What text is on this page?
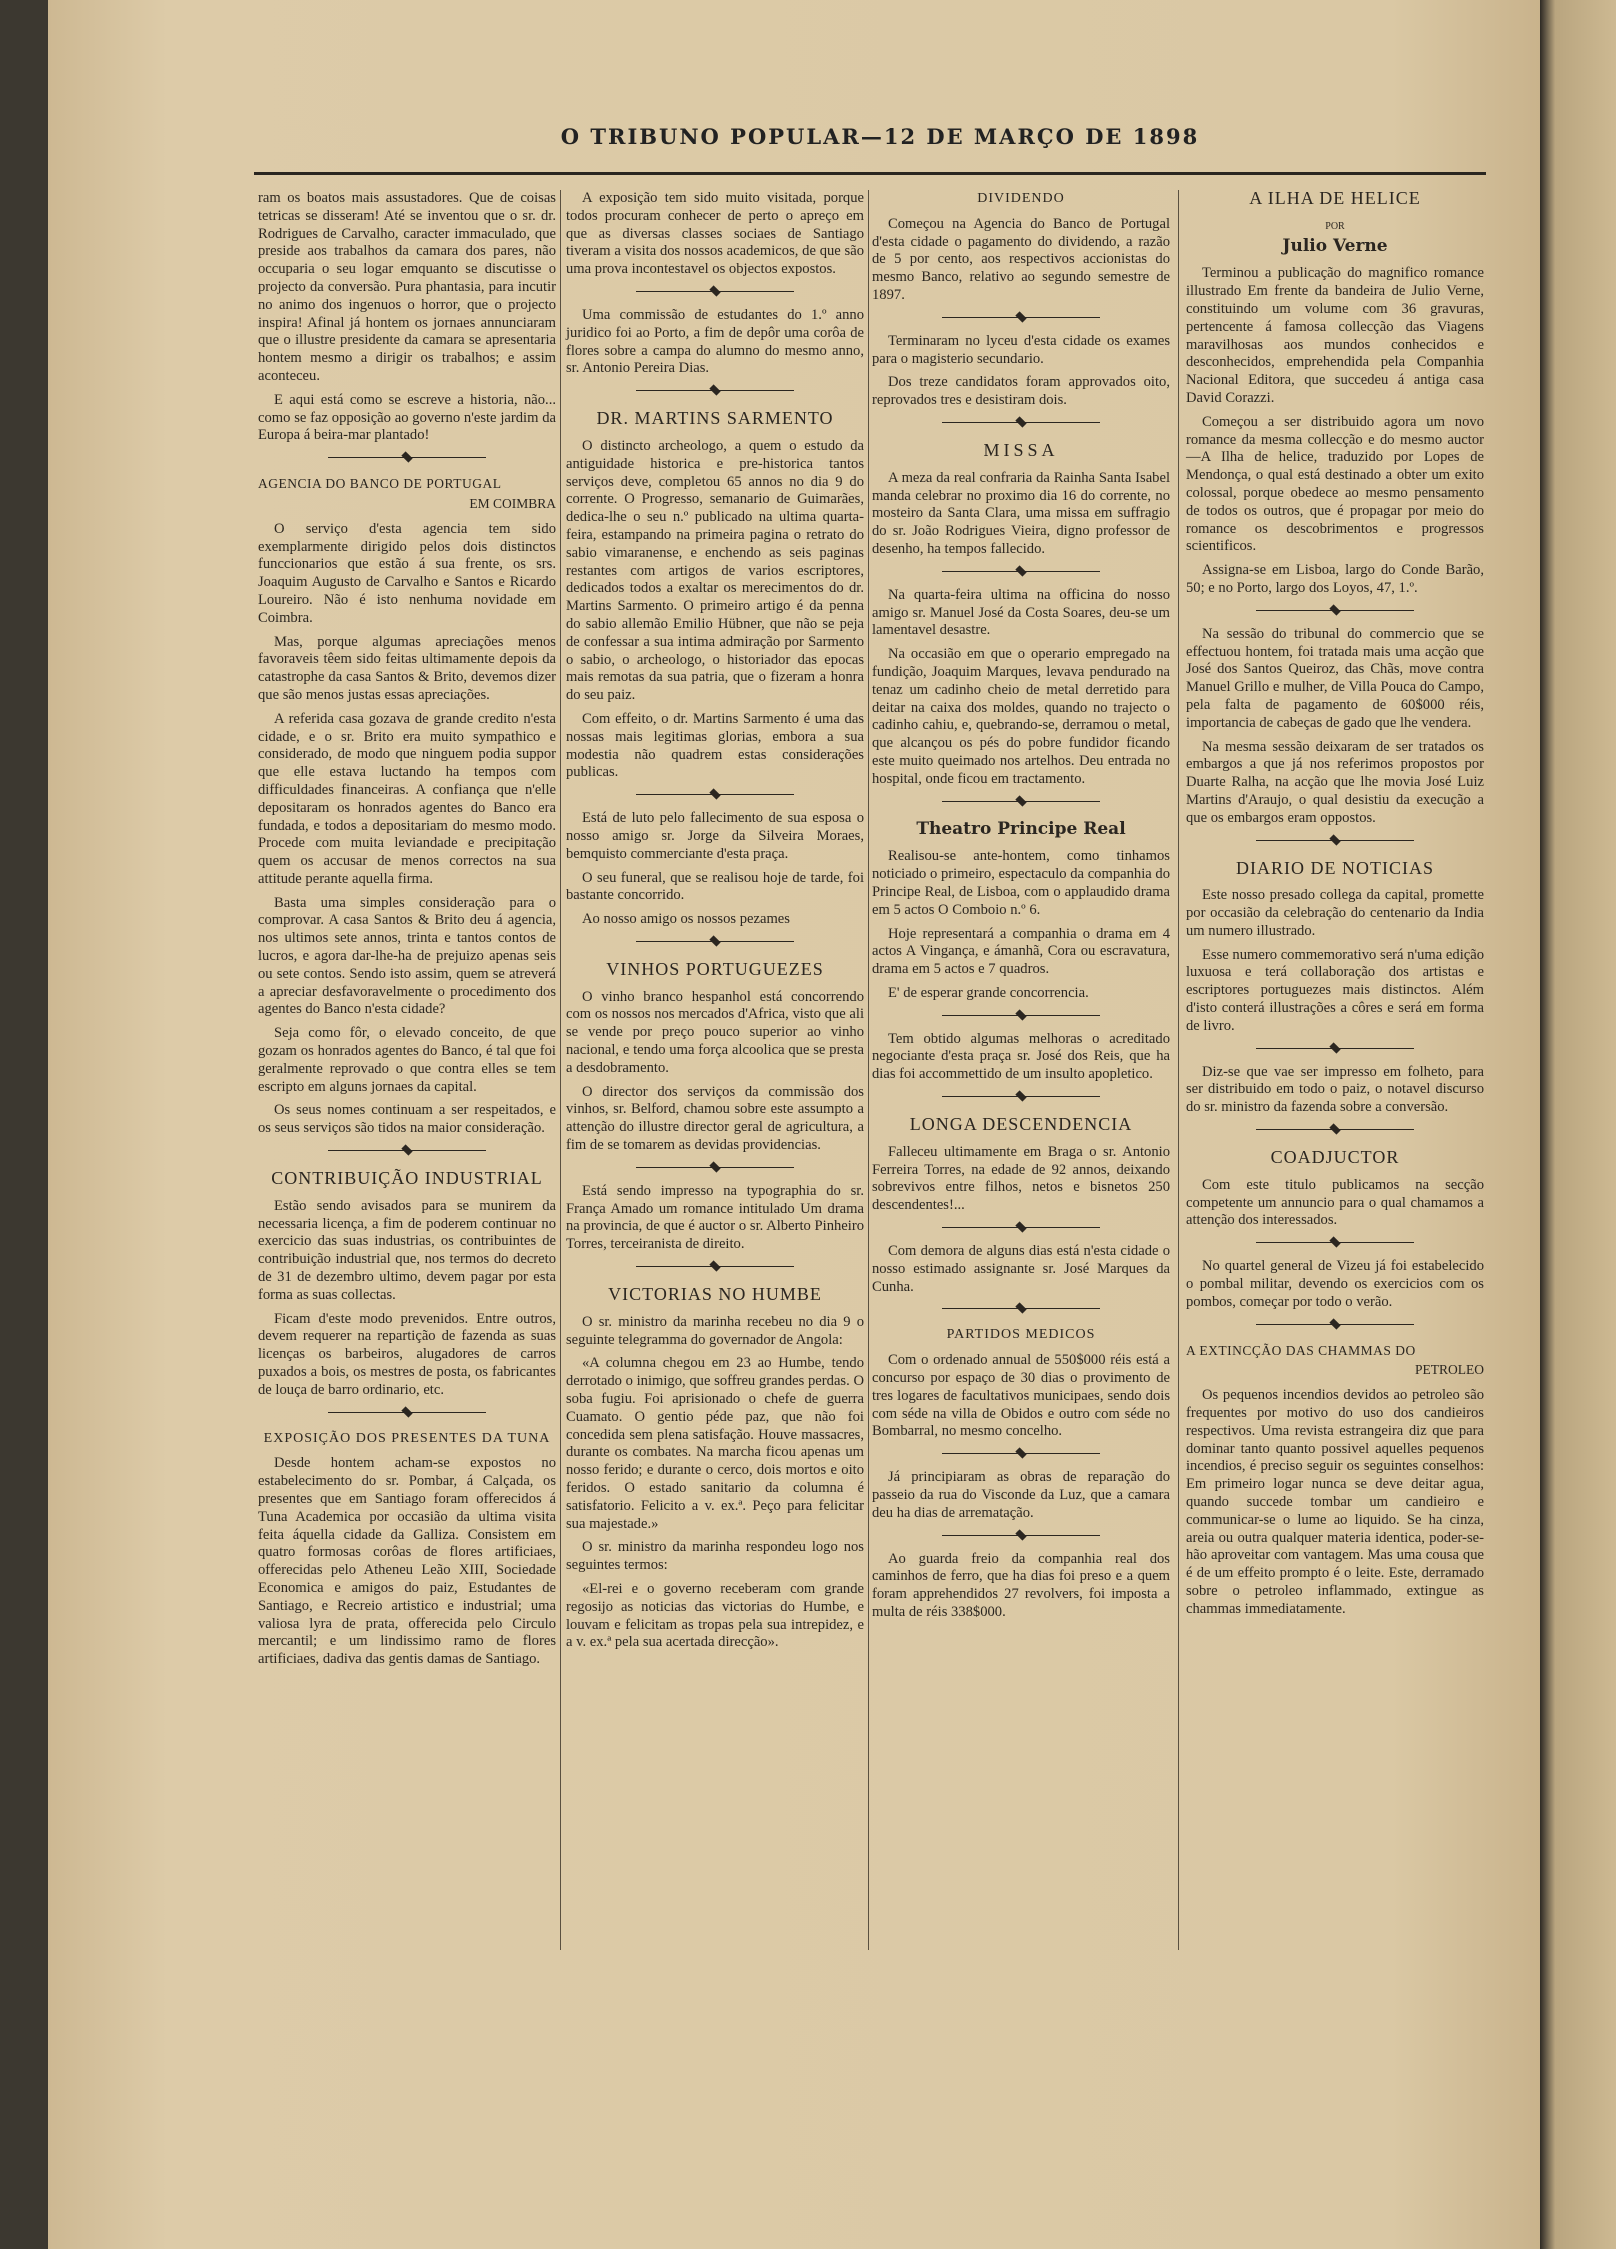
O TRIBUNO POPULAR—12 DE MARÇO DE 1898

ram os boatos mais assustadores. Que de coisas tetricas se disseram! Até se inventou que o sr. dr. Rodrigues de Carvalho, caracter immaculado, que preside aos trabalhos da camara dos pares, não occuparia o seu logar emquanto se discutisse o projecto da conversão. Pura phantasia, para incutir no animo dos ingenuos o horror, que o projecto inspira! Afinal já hontem os jornaes annunciaram que o illustre presidente da camara se apresentaria hontem mesmo a dirigir os trabalhos; e assim aconteceu.

E aqui está como se escreve a historia, não... como se faz opposição ao governo n'este jardim da Europa á beira-mar plantado!

AGENCIA DO BANCO DE PORTUGAL
EM COIMBRA

O serviço d'esta agencia tem sido exemplarmente dirigido pelos dois distinctos funccionarios que estão á sua frente, os srs. Joaquim Augusto de Carvalho e Santos e Ricardo Loureiro. Não é isto nenhuma novidade em Coimbra.

Mas, porque algumas apreciações menos favoraveis têem sido feitas ultimamente depois da catastrophe da casa Santos & Brito, devemos dizer que são menos justas essas apreciações.

A referida casa gozava de grande credito n'esta cidade, e o sr. Brito era muito sympathico e considerado, de modo que ninguem podia suppor que elle estava luctando ha tempos com difficuldades financeiras. A confiança que n'elle depositaram os honrados agentes do Banco era fundada, e todos a depositariam do mesmo modo. Procede com muita leviandade e precipitação quem os accusar de menos correctos na sua attitude perante aquella firma.

Basta uma simples consideração para o comprovar. A casa Santos & Brito deu á agencia, nos ultimos sete annos, trinta e tantos contos de lucros, e agora dar-lhe-ha de prejuizo apenas seis ou sete contos. Sendo isto assim, quem se atreverá a apreciar desfavoravelmente o procedimento dos agentes do Banco n'esta cidade?

Seja como fôr, o elevado conceito, de que gozam os honrados agentes do Banco, é tal que foi geralmente reprovado o que contra elles se tem escripto em alguns jornaes da capital.

Os seus nomes continuam a ser respeitados, e os seus serviços são tidos na maior consideração.

CONTRIBUIÇÃO INDUSTRIAL

Estão sendo avisados para se munirem da necessaria licença, a fim de poderem continuar no exercicio das suas industrias, os contribuintes de contribuição industrial que, nos termos do decreto de 31 de dezembro ultimo, devem pagar por esta forma as suas collectas.

Ficam d'este modo prevenidos. Entre outros, devem requerer na repartição de fazenda as suas licenças os barbeiros, alugadores de carros puxados a bois, os mestres de posta, os fabricantes de louça de barro ordinario, etc.

EXPOSIÇÃO DOS PRESENTES DA TUNA

Desde hontem acham-se expostos no estabelecimento do sr. Pombar, á Calçada, os presentes que em Santiago foram offerecidos á Tuna Academica por occasião da ultima visita feita áquella cidade da Galliza. Consistem em quatro formosas corôas de flores artificiaes, offerecidas pelo Atheneu Leão XIII, Sociedade Economica e amigos do paiz, Estudantes de Santiago, e Recreio artistico e industrial; uma valiosa lyra de prata, offerecida pelo Circulo mercantil; e um lindissimo ramo de flores artificiaes, dadiva das gentis damas de Santiago.

A exposição tem sido muito visitada, porque todos procuram conhecer de perto o apreço em que as diversas classes sociaes de Santiago tiveram a visita dos nossos academicos, de que são uma prova incontestavel os objectos expostos.

Uma commissão de estudantes do 1.º anno juridico foi ao Porto, a fim de depôr uma corôa de flores sobre a campa do alumno do mesmo anno, sr. Antonio Pereira Dias.

DR. MARTINS SARMENTO

O distincto archeologo, a quem o estudo da antiguidade historica e pre-historica tantos serviços deve, completou 65 annos no dia 9 do corrente. O Progresso, semanario de Guimarães, dedica-lhe o seu n.º publicado na ultima quarta-feira, estampando na primeira pagina o retrato do sabio vimaranense, e enchendo as seis paginas restantes com artigos de varios escriptores, dedicados todos a exaltar os merecimentos do dr. Martins Sarmento. O primeiro artigo é da penna do sabio allemão Emilio Hübner, que não se peja de confessar a sua intima admiração por Sarmento o sabio, o archeologo, o historiador das epocas mais remotas da sua patria, que o fizeram a honra do seu paiz.

Com effeito, o dr. Martins Sarmento é uma das nossas mais legitimas glorias, embora a sua modestia não quadrem estas considerações publicas.

Está de luto pelo fallecimento de sua esposa o nosso amigo sr. Jorge da Silveira Moraes, bemquisto commerciante d'esta praça.

O seu funeral, que se realisou hoje de tarde, foi bastante concorrido.

Ao nosso amigo os nossos pezames

VINHOS PORTUGUEZES

O vinho branco hespanhol está concorrendo com os nossos nos mercados d'Africa, visto que ali se vende por preço pouco superior ao vinho nacional, e tendo uma força alcoolica que se presta a desdobramento.

O director dos serviços da commissão dos vinhos, sr. Belford, chamou sobre este assumpto a attenção do illustre director geral de agricultura, a fim de se tomarem as devidas providencias.

Está sendo impresso na typographia do sr. França Amado um romance intitulado Um drama na provincia, de que é auctor o sr. Alberto Pinheiro Torres, terceiranista de direito.

VICTORIAS NO HUMBE

O sr. ministro da marinha recebeu no dia 9 o seguinte telegramma do governador de Angola:

«A columna chegou em 23 ao Humbe, tendo derrotado o inimigo, que soffreu grandes perdas. O soba fugiu. Foi aprisionado o chefe de guerra Cuamato. O gentio péde paz, que não foi concedida sem plena satisfação. Houve massacres, durante os combates. Na marcha ficou apenas um nosso ferido; e durante o cerco, dois mortos e oito feridos. O estado sanitario da columna é satisfatorio. Felicito a v. ex.ª. Peço para felicitar sua majestade.»

O sr. ministro da marinha respondeu logo nos seguintes termos:

«El-rei e o governo receberam com grande regosijo as noticias das victorias do Humbe, e louvam e felicitam as tropas pela sua intrepidez, e a v. ex.ª pela sua acertada direcção».

DIVIDENDO

Começou na Agencia do Banco de Portugal d'esta cidade o pagamento do dividendo, a razão de 5 por cento, aos respectivos accionistas do mesmo Banco, relativo ao segundo semestre de 1897.

Terminaram no lyceu d'esta cidade os exames para o magisterio secundario.

Dos treze candidatos foram approvados oito, reprovados tres e desistiram dois.

MISSA

A meza da real confraria da Rainha Santa Isabel manda celebrar no proximo dia 16 do corrente, no mosteiro da Santa Clara, uma missa em suffragio do sr. João Rodrigues Vieira, digno professor de desenho, ha tempos fallecido.

Na quarta-feira ultima na officina do nosso amigo sr. Manuel José da Costa Soares, deu-se um lamentavel desastre.

Na occasião em que o operario empregado na fundição, Joaquim Marques, levava pendurado na tenaz um cadinho cheio de metal derretido para deitar na caixa dos moldes, quando no trajecto o cadinho cahiu, e, quebrando-se, derramou o metal, que alcançou os pés do pobre fundidor ficando este muito queimado nos artelhos. Deu entrada no hospital, onde ficou em tractamento.

Theatro Principe Real

Realisou-se ante-hontem, como tinhamos noticiado o primeiro, espectaculo da companhia do Principe Real, de Lisboa, com o applaudido drama em 5 actos O Comboio n.º 6.

Hoje representará a companhia o drama em 4 actos A Vingança, e ámanhã, Cora ou escravatura, drama em 5 actos e 7 quadros.

E' de esperar grande concorrencia.

Tem obtido algumas melhoras o acreditado negociante d'esta praça sr. José dos Reis, que ha dias foi accommettido de um insulto apopletico.

LONGA DESCENDENCIA

Falleceu ultimamente em Braga o sr. Antonio Ferreira Torres, na edade de 92 annos, deixando sobrevivos entre filhos, netos e bisnetos 250 descendentes!...

Com demora de alguns dias está n'esta cidade o nosso estimado assignante sr. José Marques da Cunha.

PARTIDOS MEDICOS

Com o ordenado annual de 550$000 réis está a concurso por espaço de 30 dias o provimento de tres logares de facultativos municipaes, sendo dois com séde na villa de Obidos e outro com séde no Bombarral, no mesmo concelho.

Já principiaram as obras de reparação do passeio da rua do Visconde da Luz, que a camara deu ha dias de arrematação.

Ao guarda freio da companhia real dos caminhos de ferro, que ha dias foi preso e a quem foram apprehendidos 27 revolvers, foi imposta a multa de réis 338$000.

A ILHA DE HELICE
POR
Julio Verne

Terminou a publicação do magnifico romance illustrado Em frente da bandeira de Julio Verne, constituindo um volume com 36 gravuras, pertencente á famosa collecção das Viagens maravilhosas aos mundos conhecidos e desconhecidos, emprehendida pela Companhia Nacional Editora, que succedeu á antiga casa David Corazzi.

Começou a ser distribuido agora um novo romance da mesma collecção e do mesmo auctor—A Ilha de helice, traduzido por Lopes de Mendonça, o qual está destinado a obter um exito colossal, porque obedece ao mesmo pensamento de todos os outros, que é propagar por meio do romance os descobrimentos e progressos scientificos.

Assigna-se em Lisboa, largo do Conde Barão, 50; e no Porto, largo dos Loyos, 47, 1.º.

Na sessão do tribunal do commercio que se effectuou hontem, foi tratada mais uma acção que José dos Santos Queiroz, das Chãs, move contra Manuel Grillo e mulher, de Villa Pouca do Campo, pela falta de pagamento de 60$000 réis, importancia de cabeças de gado que lhe vendera.

Na mesma sessão deixaram de ser tratados os embargos a que já nos referimos propostos por Duarte Ralha, na acção que lhe movia José Luiz Martins d'Araujo, o qual desistiu da execução a que os embargos eram oppostos.

DIARIO DE NOTICIAS

Este nosso presado collega da capital, promette por occasião da celebração do centenario da India um numero illustrado.

Esse numero commemorativo será n'uma edição luxuosa e terá collaboração dos artistas e escriptores portuguezes mais distinctos. Além d'isto conterá illustrações a côres e será em forma de livro.

Diz-se que vae ser impresso em folheto, para ser distribuido em todo o paiz, o notavel discurso do sr. ministro da fazenda sobre a conversão.

COADJUCTOR

Com este titulo publicamos na secção competente um annuncio para o qual chamamos a attenção dos interessados.

No quartel general de Vizeu já foi estabelecido o pombal militar, devendo os exercicios com os pombos, começar por todo o verão.

A EXTINCÇÃO DAS CHAMMAS DO
PETROLEO

Os pequenos incendios devidos ao petroleo são frequentes por motivo do uso dos candieiros respectivos. Uma revista estrangeira diz que para dominar tanto quanto possivel aquelles pequenos incendios, é preciso seguir os seguintes conselhos: Em primeiro logar nunca se deve deitar agua, quando succede tombar um candieiro e communicar-se o lume ao liquido. Se ha cinza, areia ou outra qualquer materia identica, poder-se-hão aproveitar com vantagem. Mas uma cousa que é de um effeito prompto é o leite. Este, derramado sobre o petroleo inflammado, extingue as chammas immediatamente.
